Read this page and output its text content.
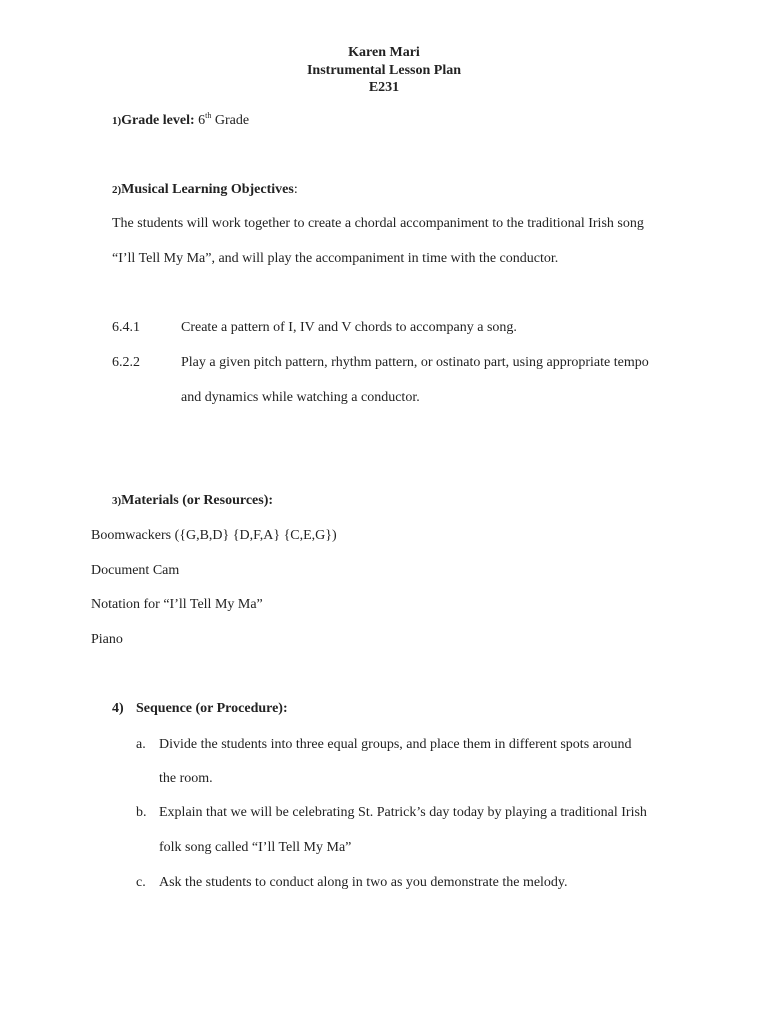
Karen Mari
Instrumental Lesson Plan
E231
1)Grade level: 6th Grade
2)Musical Learning Objectives:
The students will work together to create a chordal accompaniment to the traditional Irish song
“I’ll Tell My Ma”, and will play the accompaniment in time with the conductor.
6.4.1	Create a pattern of I, IV and V chords to accompany a song.
6.2.2	Play a given pitch pattern, rhythm pattern, or ostinato part, using appropriate tempo
and dynamics while watching a conductor.
3)Materials (or Resources):
Boomwackers ({G,B,D} {D,F,A} {C,E,G})
Document Cam
Notation for “I’ll Tell My Ma”
Piano
4) Sequence (or Procedure):
a. Divide the students into three equal groups, and place them in different spots around
the room.
b. Explain that we will be celebrating St. Patrick’s day today by playing a traditional Irish
folk song called “I’ll Tell My Ma”
c. Ask the students to conduct along in two as you demonstrate the melody.
